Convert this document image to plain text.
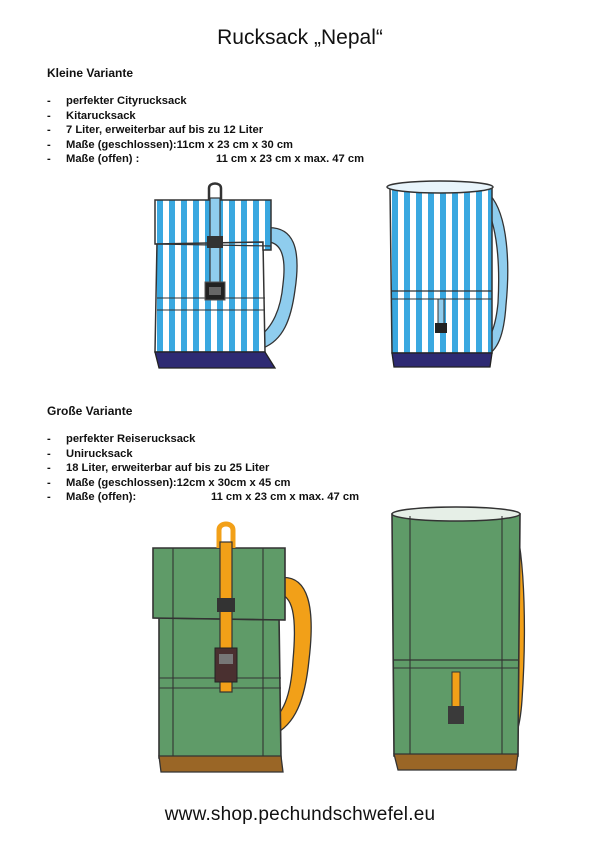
Rucksack „Nepal“
Kleine Variante
- perfekter Cityrucksack
- Kitarucksack
- 7 Liter, erweiterbar auf bis zu 12 Liter
- Maße (geschlossen):11cm x 23 cm x 30 cm
- Maße (offen) :	11 cm x 23 cm x max. 47 cm
Große Variante
- perfekter Reiserucksack
- Unirucksack
- 18 Liter, erweiterbar auf bis zu 25 Liter
- Maße (geschlossen):12cm x 30cm x 45 cm
- Maße (offen):	11 cm x 23 cm x max. 47 cm
www.shop.pechundschwefel.eu
